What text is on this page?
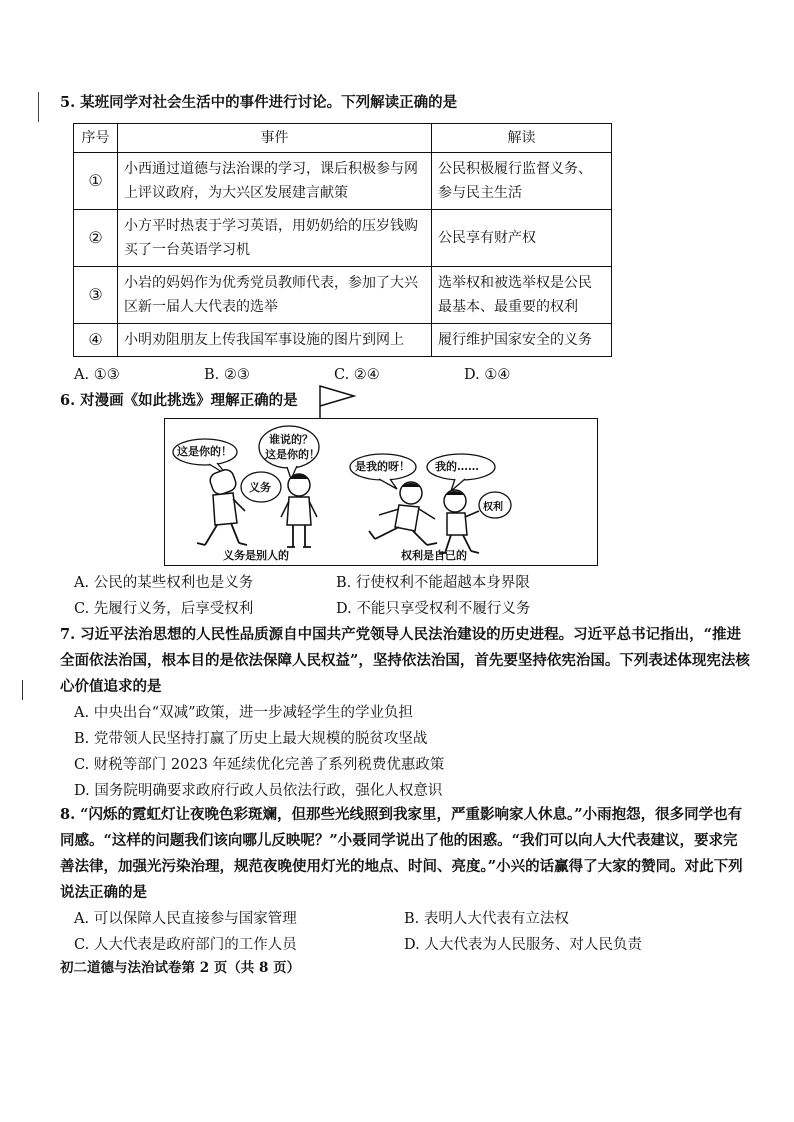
5. 某班同学对社会生活中的事件进行讨论。下列解读正确的是
序号	事件	解读
①	小西通过道德与法治课的学习，课后积极参与网上评议政府，为大兴区发展建言献策	公民积极履行监督义务、参与民主生活
②	小方平时热衷于学习英语，用奶奶给的压岁钱购买了一台英语学习机	公民享有财产权
③	小岩的妈妈作为优秀党员教师代表，参加了大兴区新一届人大代表的选举	选举权和被选举权是公民最基本、最重要的权利
④	小明劝阻朋友上传我国军事设施的图片到网上	履行维护国家安全的义务
A. ①③	B. ②③	C. ②④	D. ①④
6. 对漫画《如此挑选》理解正确的是
这是你的！
谁说的？
这是你的！
是我的呀！ 我的……
义务
权利
义务是别人的	权利是自己的
A. 公民的某些权利也是义务	B. 行使权利不能超越本身界限
C. 先履行义务，后享受权利	D. 不能只享受权利不履行义务
7. 习近平法治思想的人民性品质源自中国共产党领导人民法治建设的历史进程。习近平总书记指出，“推进全面依法治国，根本目的是依法保障人民权益”，坚持依法治国，首先要坚持依宪治国。下列表述体现宪法核心价值追求的是
A. 中央出台“双减”政策，进一步减轻学生的学业负担
B. 党带领人民坚持打赢了历史上最大规模的脱贫攻坚战
C. 财税等部门 2023 年延续优化完善了系列税费优惠政策
D. 国务院明确要求政府行政人员依法行政，强化人权意识
8. “闪烁的霓虹灯让夜晚色彩斑斓，但那些光线照到我家里，严重影响家人休息。”小雨抱怨，很多同学也有同感。“这样的问题我们该向哪儿反映呢？”小聂同学说出了他的困惑。“我们可以向人大代表建议，要求完善法律，加强光污染治理，规范夜晚使用灯光的地点、时间、亮度。”小兴的话赢得了大家的赞同。对此下列说法正确的是
A. 可以保障人民直接参与国家管理	B. 表明人大代表有立法权
C. 人大代表是政府部门的工作人员	D. 人大代表为人民服务、对人民负责
初二道德与法治试卷第 2 页（共 8 页）
